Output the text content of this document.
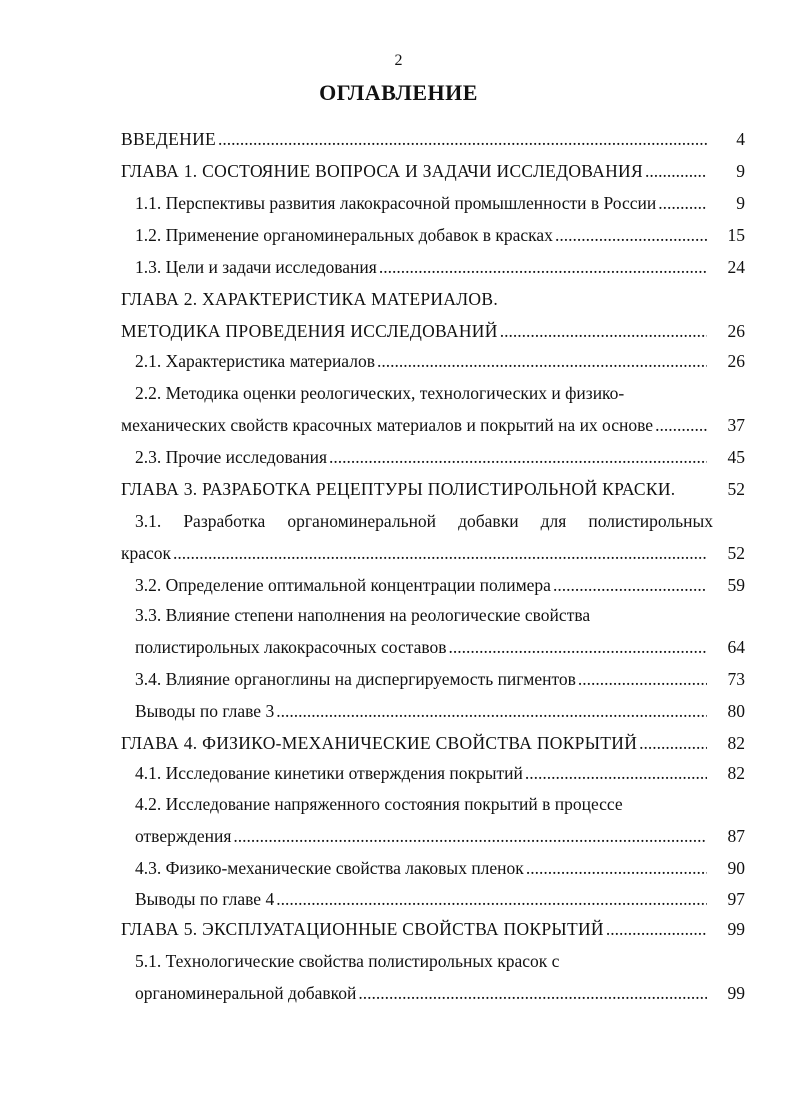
2
ОГЛАВЛЕНИЕ
ВВЕДЕНИЕ .....	4
ГЛАВА 1. СОСТОЯНИЕ ВОПРОСА И ЗАДАЧИ ИССЛЕДОВАНИЯ .....	9
1.1. Перспективы развития лакокрасочной промышленности в России .....	9
1.2. Применение органоминеральных добавок в красках .....	15
1.3. Цели и задачи исследования .....	24
ГЛАВА 2. ХАРАКТЕРИСТИКА МАТЕРИАЛОВ.
МЕТОДИКА ПРОВЕДЕНИЯ ИССЛЕДОВАНИЙ .....	26
2.1. Характеристика материалов .....	26
2.2. Методика оценки реологических, технологических и физико-
механических свойств красочных материалов и покрытий на их основе .....	37
2.3. Прочие исследования .....	45
ГЛАВА 3. РАЗРАБОТКА РЕЦЕПТУРЫ ПОЛИСТИРОЛЬНОЙ КРАСКИ.	52
3.1. Разработка органоминеральной добавки для полистирольных
красок .....	52
3.2. Определение оптимальной концентрации полимера .....	59
3.3. Влияние степени наполнения на реологические свойства
полистирольных лакокрасочных составов .....	64
3.4. Влияние органоглины на диспергируемость пигментов .....	73
Выводы по главе 3 .....	80
ГЛАВА 4. ФИЗИКО-МЕХАНИЧЕСКИЕ СВОЙСТВА ПОКРЫТИЙ .....	82
4.1. Исследование кинетики отверждения покрытий .....	82
4.2. Исследование напряженного состояния покрытий в процессе
отверждения .....	87
4.3. Физико-механические свойства лаковых пленок .....	90
Выводы по главе 4 .....	97
ГЛАВА 5. ЭКСПЛУАТАЦИОННЫЕ СВОЙСТВА ПОКРЫТИЙ .....	99
5.1. Технологические свойства полистирольных красок с
органоминеральной добавкой .....	99
